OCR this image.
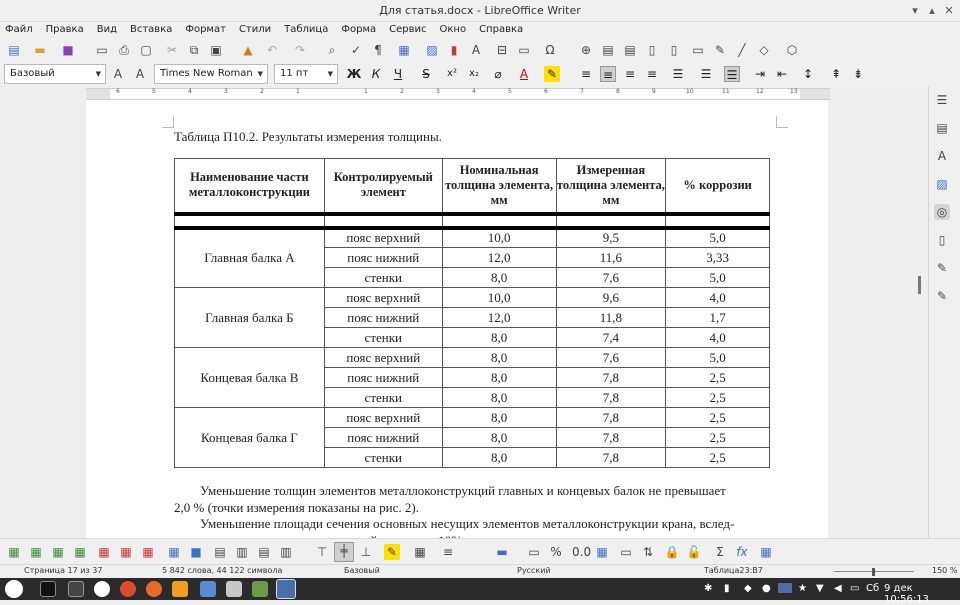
Для статья.docx - LibreOffice Writer	▾	▴ ✕
Файл Правка Вид Вставка Формат Стили Таблица Форма Сервис Окно Справка
▤ ▬ ■ ▭ ⎙ ▢ ✂	⧉	▣ ▲ ↶ ↷	⌕	✓	¶	▦ ▨	▮	A	⊟ ▭ Ω ⊕ ▤ ▤	▯	▯	▭ ✎	╱	◇ ⬡
Базовый	▼	A	A	Times New Roman ▼	11 пт	▼ Ж К	Ч	S	x²	x₂	⌀	A	✎ ≡ ≡ ≡ ≡ ☰ ☰ ☰ ⇥ ⇤ ↕ ⇞ ⇟
6	5	4	3	2	1	1	2	3	4	5	6	7	8	9	10	11	12	13
☰
▤
A
▨
◎
▯
✎
✎
Таблица П10.2. Результаты измерения толщины.
Наименование части металлоконструкции	Контролируемый элемент	Номинальная толщина элемента, мм	Измеренная толщина элемента, мм	% коррозии

Главная балка А	пояс верхний	10,0	9,5	5,0
	пояс нижний	12,0	11,6	3,33
	стенки	8,0	7,6	5,0
Главная балка Б	пояс верхний	10,0	9,6	4,0
	пояс нижний	12,0	11,8	1,7
	стенки	8,0	7,4	4,0
Концевая балка В	пояс верхний	8,0	7,6	5,0
	пояс нижний	8,0	7,8	2,5
	стенки	8,0	7,8	2,5
Концевая балка Г	пояс верхний	8,0	7,8	2,5
	пояс нижний	8,0	7,8	2,5
	стенки	8,0	7,8	2,5
Уменьшение толщин элементов металлоконструкций главных и концевых балок не превышает
2,0 % (точки измерения показаны на рис. 2).
Уменьшение площади сечения основных несущих элементов металлоконструкции крана, вслед-
▦ ▦ ▦ ▦ ▦ ▦ ▦ ▦ ■ ▤ ▥ ▤ ▥ ⊤	╪	⊥ ✎ ▦ ≡	▬ ▭ % 0.0 ▦ ▭ ⇅ 🔒 🔓	Σ	fx ▦
Страница 17 из 37	5 842 слова, 44 122 символа	Базовый	Русский	Таблица23:B7	150 %
✱ ▮ ◆ ●	★ ▼ ◀ ▭ Сб 9 дек 10:56:13
